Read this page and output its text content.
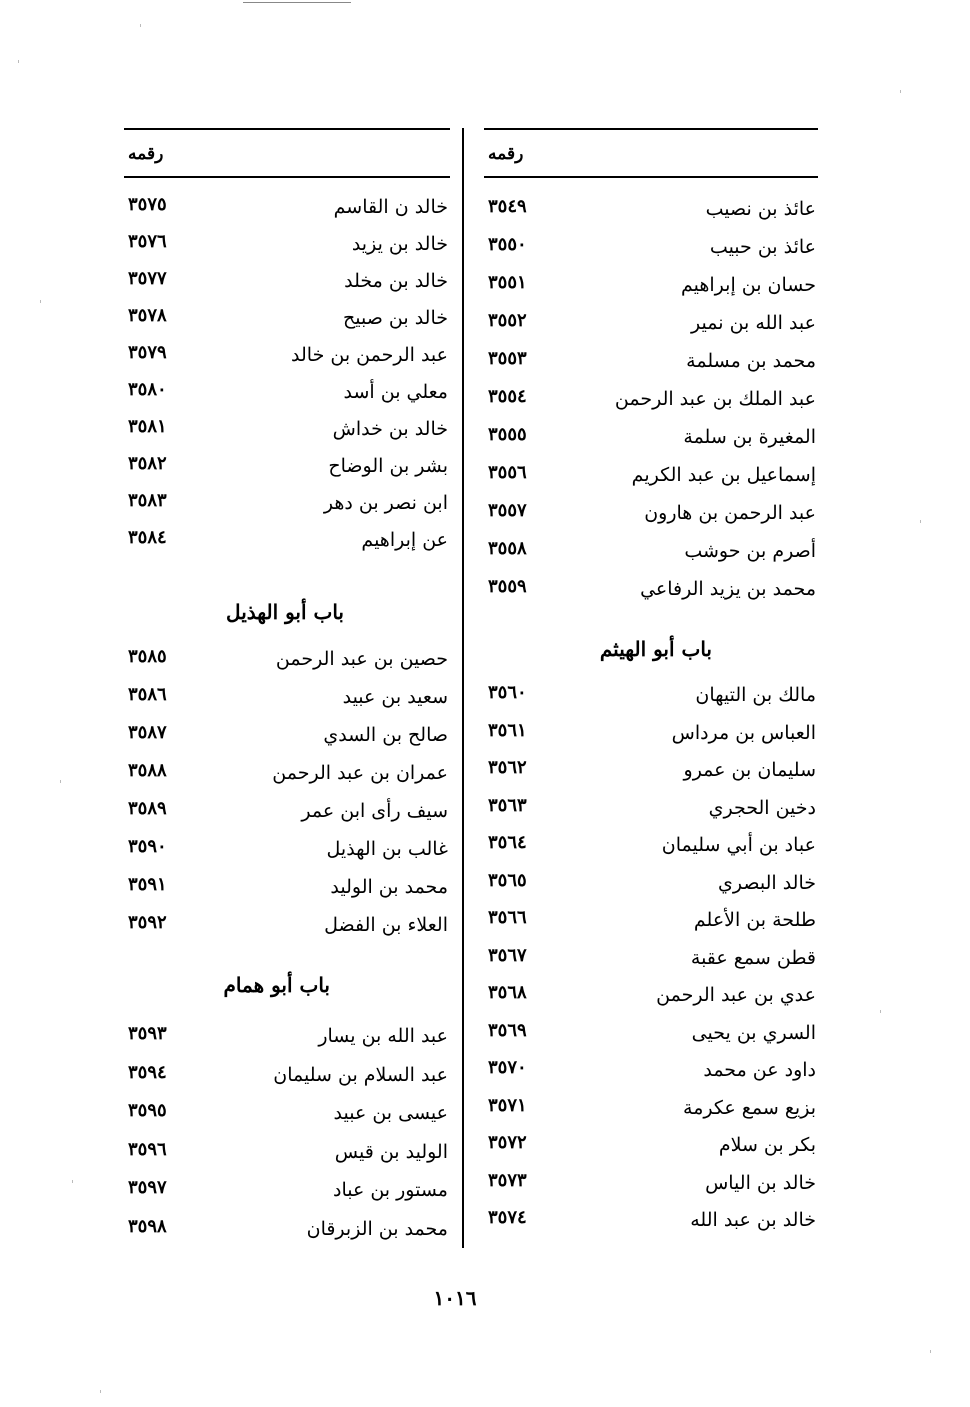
رقمه
عائذ بن نصيب
٣٥٤٩
عائذ بن حبيب
٣٥٥٠
حسان بن إبراهيم
٣٥٥١
عبد الله بن نمير
٣٥٥٢
محمد بن مسلمة
٣٥٥٣
عبد الملك بن عبد الرحمن
٣٥٥٤
المغيرة بن سلمة
٣٥٥٥
إسماعيل بن عبد الكريم
٣٥٥٦
عبد الرحمن بن هارون
٣٥٥٧
أصرم بن حوشب
٣٥٥٨
محمد بن يزيد الرفاعي
٣٥٥٩
باب أبو الهيثم
مالك بن التيهان
٣٥٦٠
العباس بن مرداس
٣٥٦١
سليمان بن عمرو
٣٥٦٢
دخين الحجري
٣٥٦٣
عباد بن أبي سليمان
٣٥٦٤
خالد البصري
٣٥٦٥
طلحة بن الأعلم
٣٥٦٦
قطن سمع عقبة
٣٥٦٧
عدي بن عبد الرحمن
٣٥٦٨
السري بن يحيى
٣٥٦٩
داود عن محمد
٣٥٧٠
بزيع سمع عكرمة
٣٥٧١
بكر بن سلام
٣٥٧٢
خالد بن الياس
٣٥٧٣
خالد بن عبد الله
٣٥٧٤
رقمه
خالد ن القاسم
٣٥٧٥
خالد بن يزيد
٣٥٧٦
خالد بن مخلد
٣٥٧٧
خالد بن صبيح
٣٥٧٨
عبد الرحمن بن خالد
٣٥٧٩
معلي بن أسد
٣٥٨٠
خالد بن خداش
٣٥٨١
بشر بن الوضاح
٣٥٨٢
ابن نصر بن دهر
٣٥٨٣
عن إبراهيم
٣٥٨٤
باب أبو الهذيل
حصين بن عبد الرحمن
٣٥٨٥
سعيد بن عبيد
٣٥٨٦
صالح بن السدي
٣٥٨٧
عمران بن عبد الرحمن
٣٥٨٨
سيف رأى ابن عمر
٣٥٨٩
غالب بن الهذيل
٣٥٩٠
محمد بن الوليد
٣٥٩١
العلاء بن الفضل
٣٥٩٢
باب أبو همام
عبد الله بن يسار
٣٥٩٣
عبد السلام بن سليمان
٣٥٩٤
عيسى بن عبيد
٣٥٩٥
الوليد بن قيس
٣٥٩٦
مستور بن عباد
٣٥٩٧
محمد بن الزبرقان
٣٥٩٨
١٠١٦
